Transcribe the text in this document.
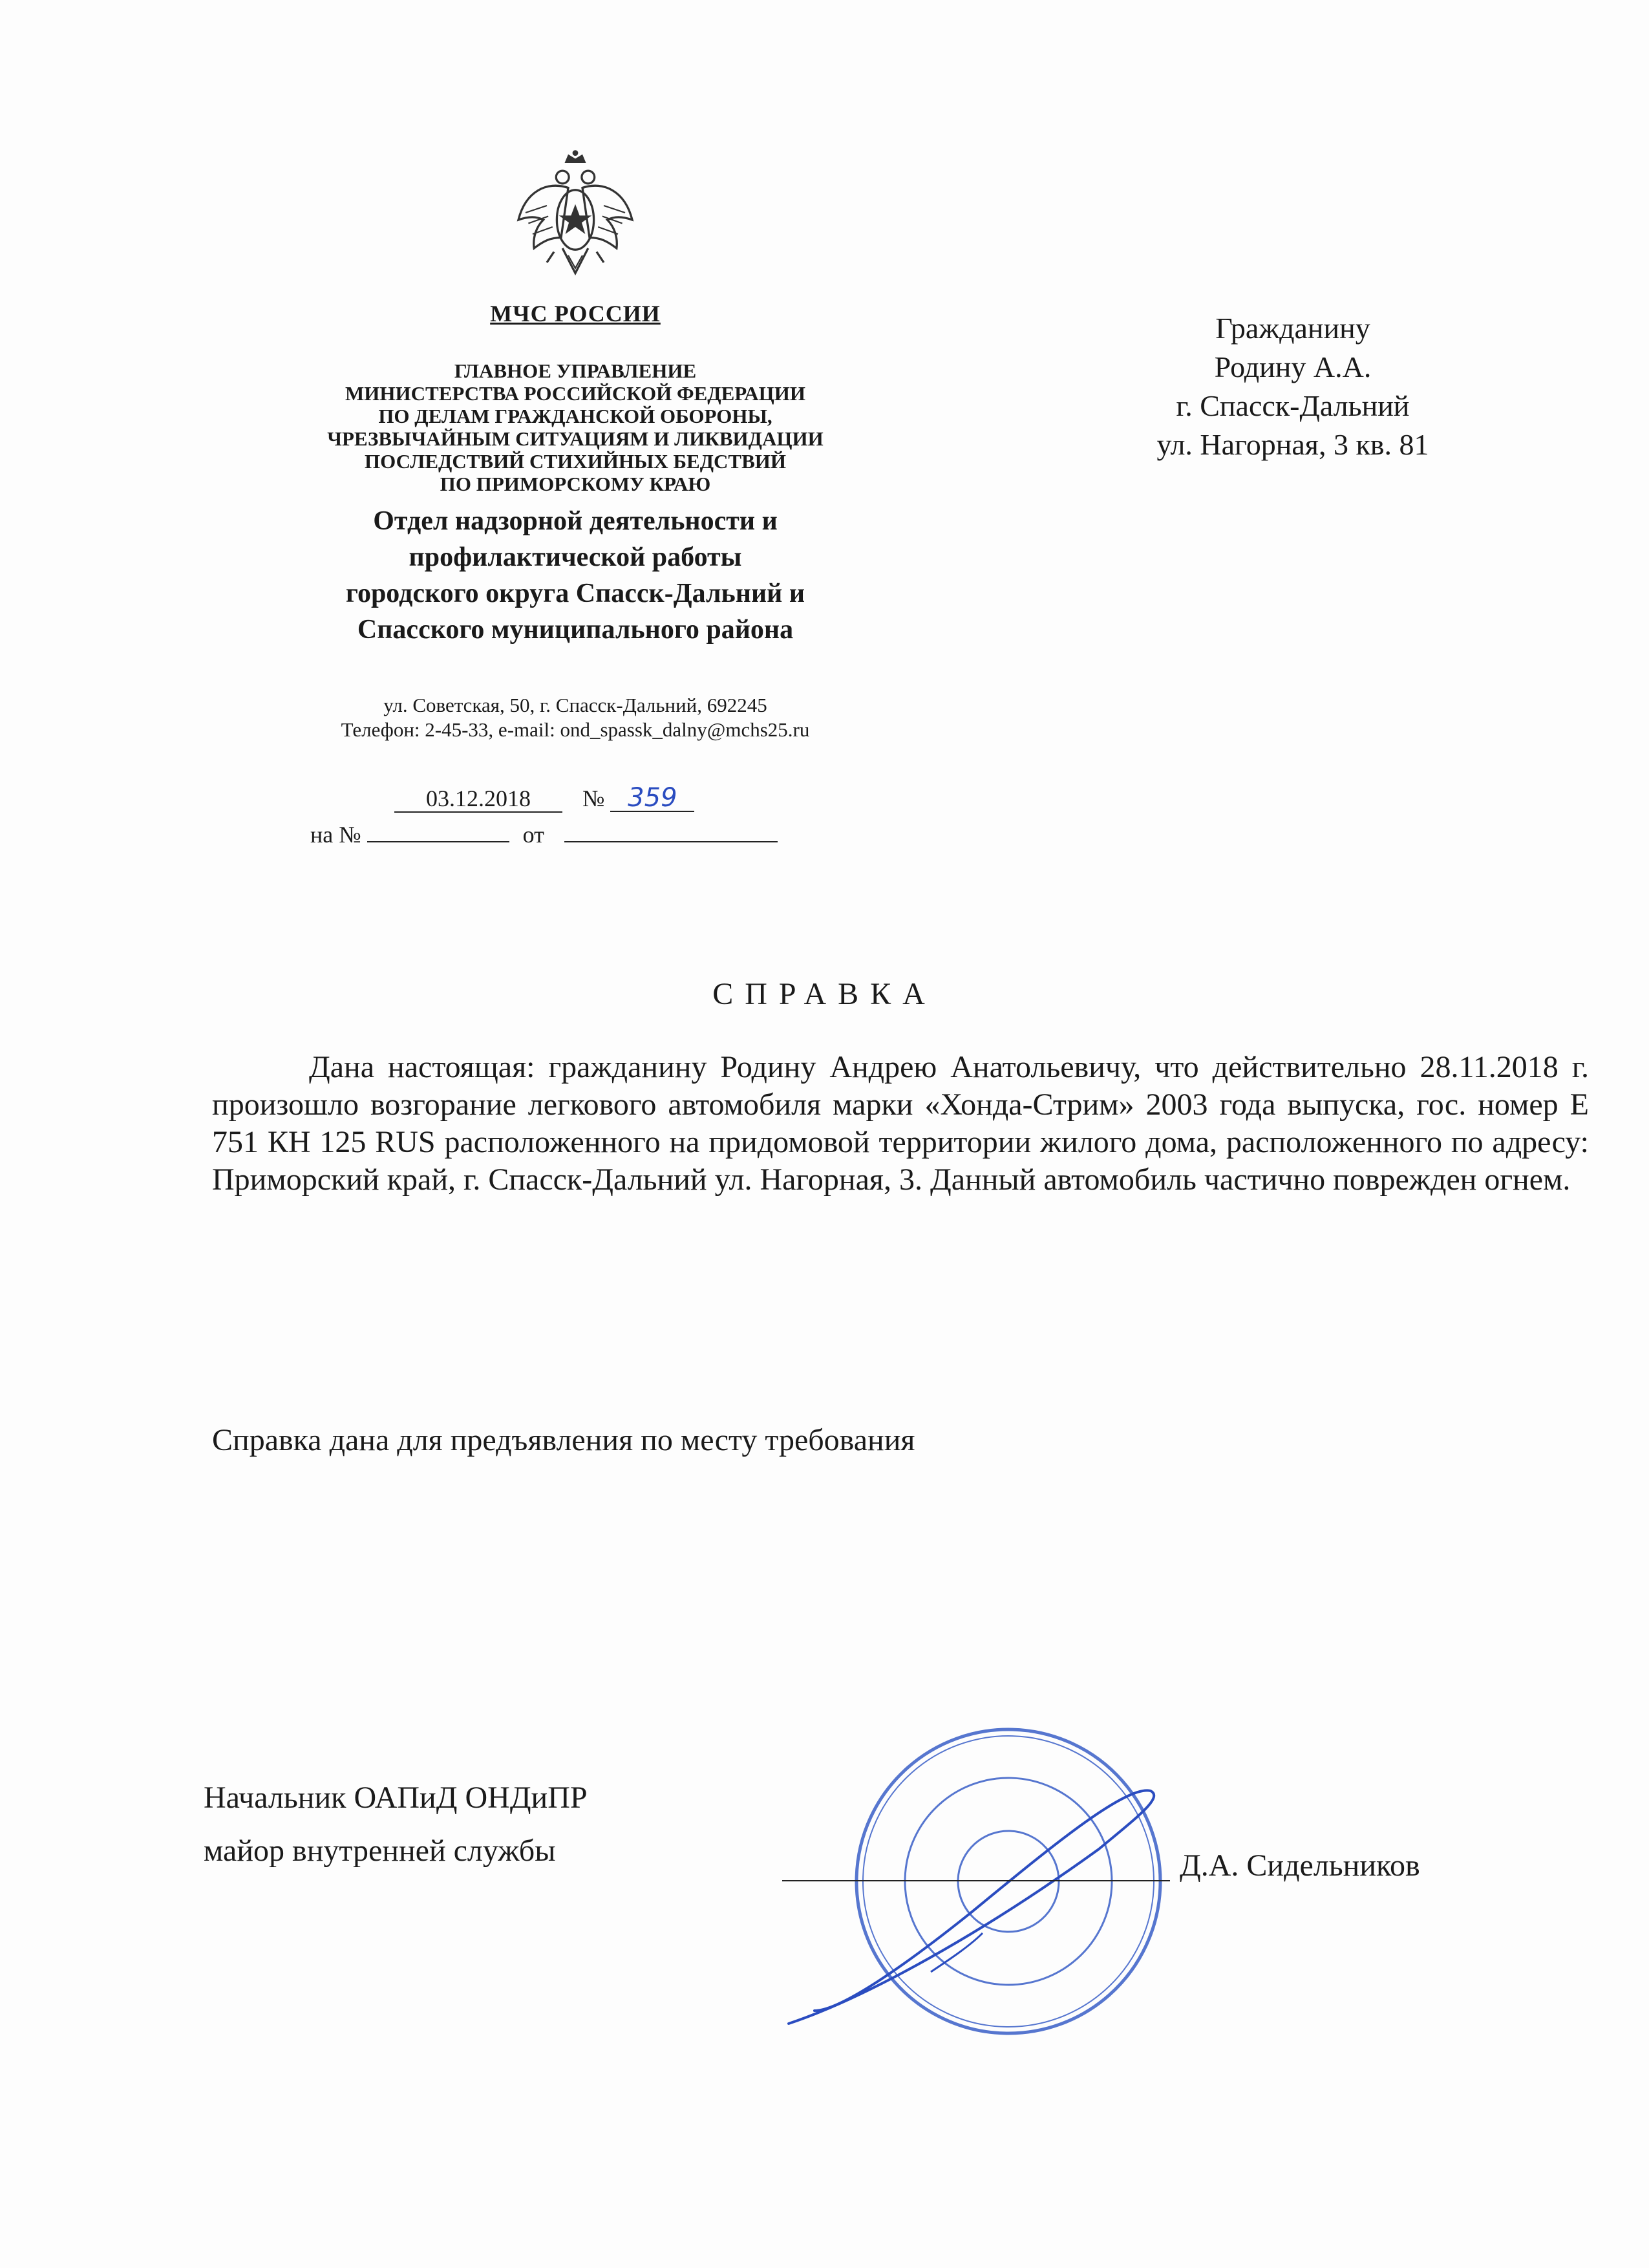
МЧС РОССИИ
ГЛАВНОЕ УПРАВЛЕНИЕ
МИНИСТЕРСТВА РОССИЙСКОЙ ФЕДЕРАЦИИ
ПО ДЕЛАМ ГРАЖДАНСКОЙ ОБОРОНЫ,
ЧРЕЗВЫЧАЙНЫМ СИТУАЦИЯМ И ЛИКВИДАЦИИ
ПОСЛЕДСТВИЙ СТИХИЙНЫХ БЕДСТВИЙ
ПО ПРИМОРСКОМУ КРАЮ
Отдел надзорной деятельности и
профилактической работы
городского округа Спасск-Дальний и
Спасского муниципального района
ул. Советская, 50, г. Спасск-Дальний, 692245
Телефон: 2-45-33, e-mail: ond_spassk_dalny@mchs25.ru
03.12.2018 № 359
на №	от
Гражданину
Родину А.А.
г. Спасск-Дальний
ул. Нагорная, 3 кв. 81
СПРАВКА
Дана настоящая: гражданину Родину Андрею Анатольевичу, что действительно 28.11.2018 г. произошло возгорание легкового автомобиля марки «Хонда-Стрим» 2003 года выпуска, гос. номер Е 751 КН 125 RUS расположенного на придомовой территории жилого дома, расположенного по адресу: Приморский край, г. Спасск-Дальний ул. Нагорная, 3. Данный автомобиль частично поврежден огнем.
Справка дана для предъявления по месту требования
Начальник ОАПиД ОНДиПР
майор внутренней службы	Д.А. Сидельников
